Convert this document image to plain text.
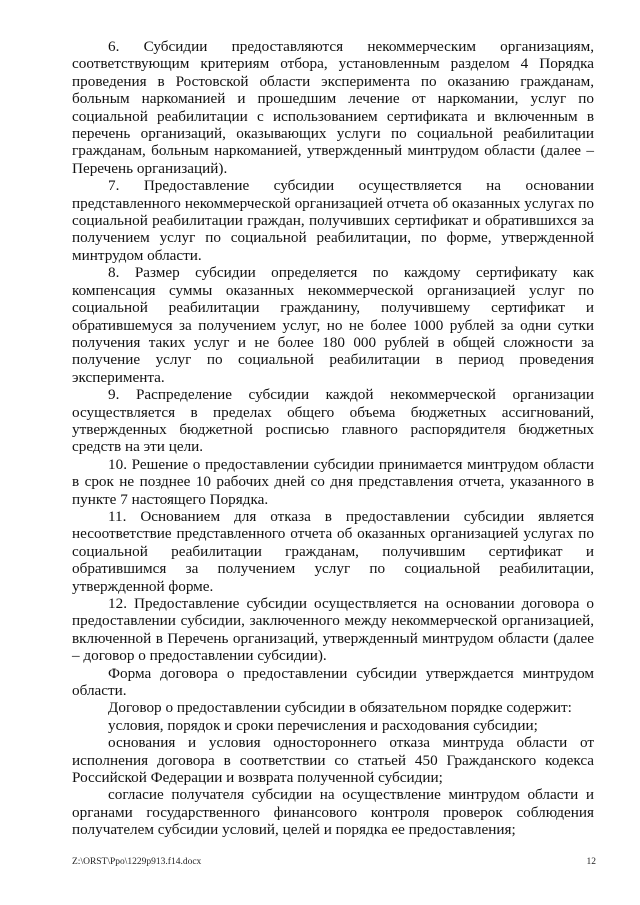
6. Субсидии предоставляются некоммерческим организациям, соответствующим критериям отбора, установленным разделом 4 Порядка проведения в Ростовской области эксперимента по оказанию гражданам, больным наркоманией и прошедшим лечение от наркомании, услуг по социальной реабилитации с использованием сертификата и включенным в перечень организаций, оказывающих услуги по социальной реабилитации гражданам, больным наркоманией, утвержденный минтрудом области (далее – Перечень организаций).

7. Предоставление субсидии осуществляется на основании представленного некоммерческой организацией отчета об оказанных услугах по социальной реабилитации граждан, получивших сертификат и обратившихся за получением услуг по социальной реабилитации, по форме, утвержденной минтрудом области.

8. Размер субсидии определяется по каждому сертификату как компенсация суммы оказанных некоммерческой организацией услуг по социальной реабилитации гражданину, получившему сертификат и обратившемуся за получением услуг, но не более 1000 рублей за одни сутки получения таких услуг и не более 180 000 рублей в общей сложности за получение услуг по социальной реабилитации в период проведения эксперимента.

9. Распределение субсидии каждой некоммерческой организации осуществляется в пределах общего объема бюджетных ассигнований, утвержденных бюджетной росписью главного распорядителя бюджетных средств на эти цели.

10. Решение о предоставлении субсидии принимается минтрудом области в срок не позднее 10 рабочих дней со дня представления отчета, указанного в пункте 7 настоящего Порядка.

11. Основанием для отказа в предоставлении субсидии является несоответствие представленного отчета об оказанных организацией услугах по социальной реабилитации гражданам, получившим сертификат и обратившимся за получением услуг по социальной реабилитации, утвержденной форме.

12. Предоставление субсидии осуществляется на основании договора о предоставлении субсидии, заключенного между некоммерческой организацией, включенной в Перечень организаций, утвержденный минтрудом области (далее – договор о предоставлении субсидии).

Форма договора о предоставлении субсидии утверждается минтрудом области.

Договор о предоставлении субсидии в обязательном порядке содержит:

условия, порядок и сроки перечисления и расходования субсидии;

основания и условия одностороннего отказа минтруда области от исполнения договора в соответствии со статьей 450 Гражданского кодекса Российской Федерации и возврата полученной субсидии;

согласие получателя субсидии на осуществление минтрудом области и органами государственного финансового контроля проверок соблюдения получателем субсидии условий, целей и порядка ее предоставления;

Z:\ORST\Ppo\1229p913.f14.docx	12
